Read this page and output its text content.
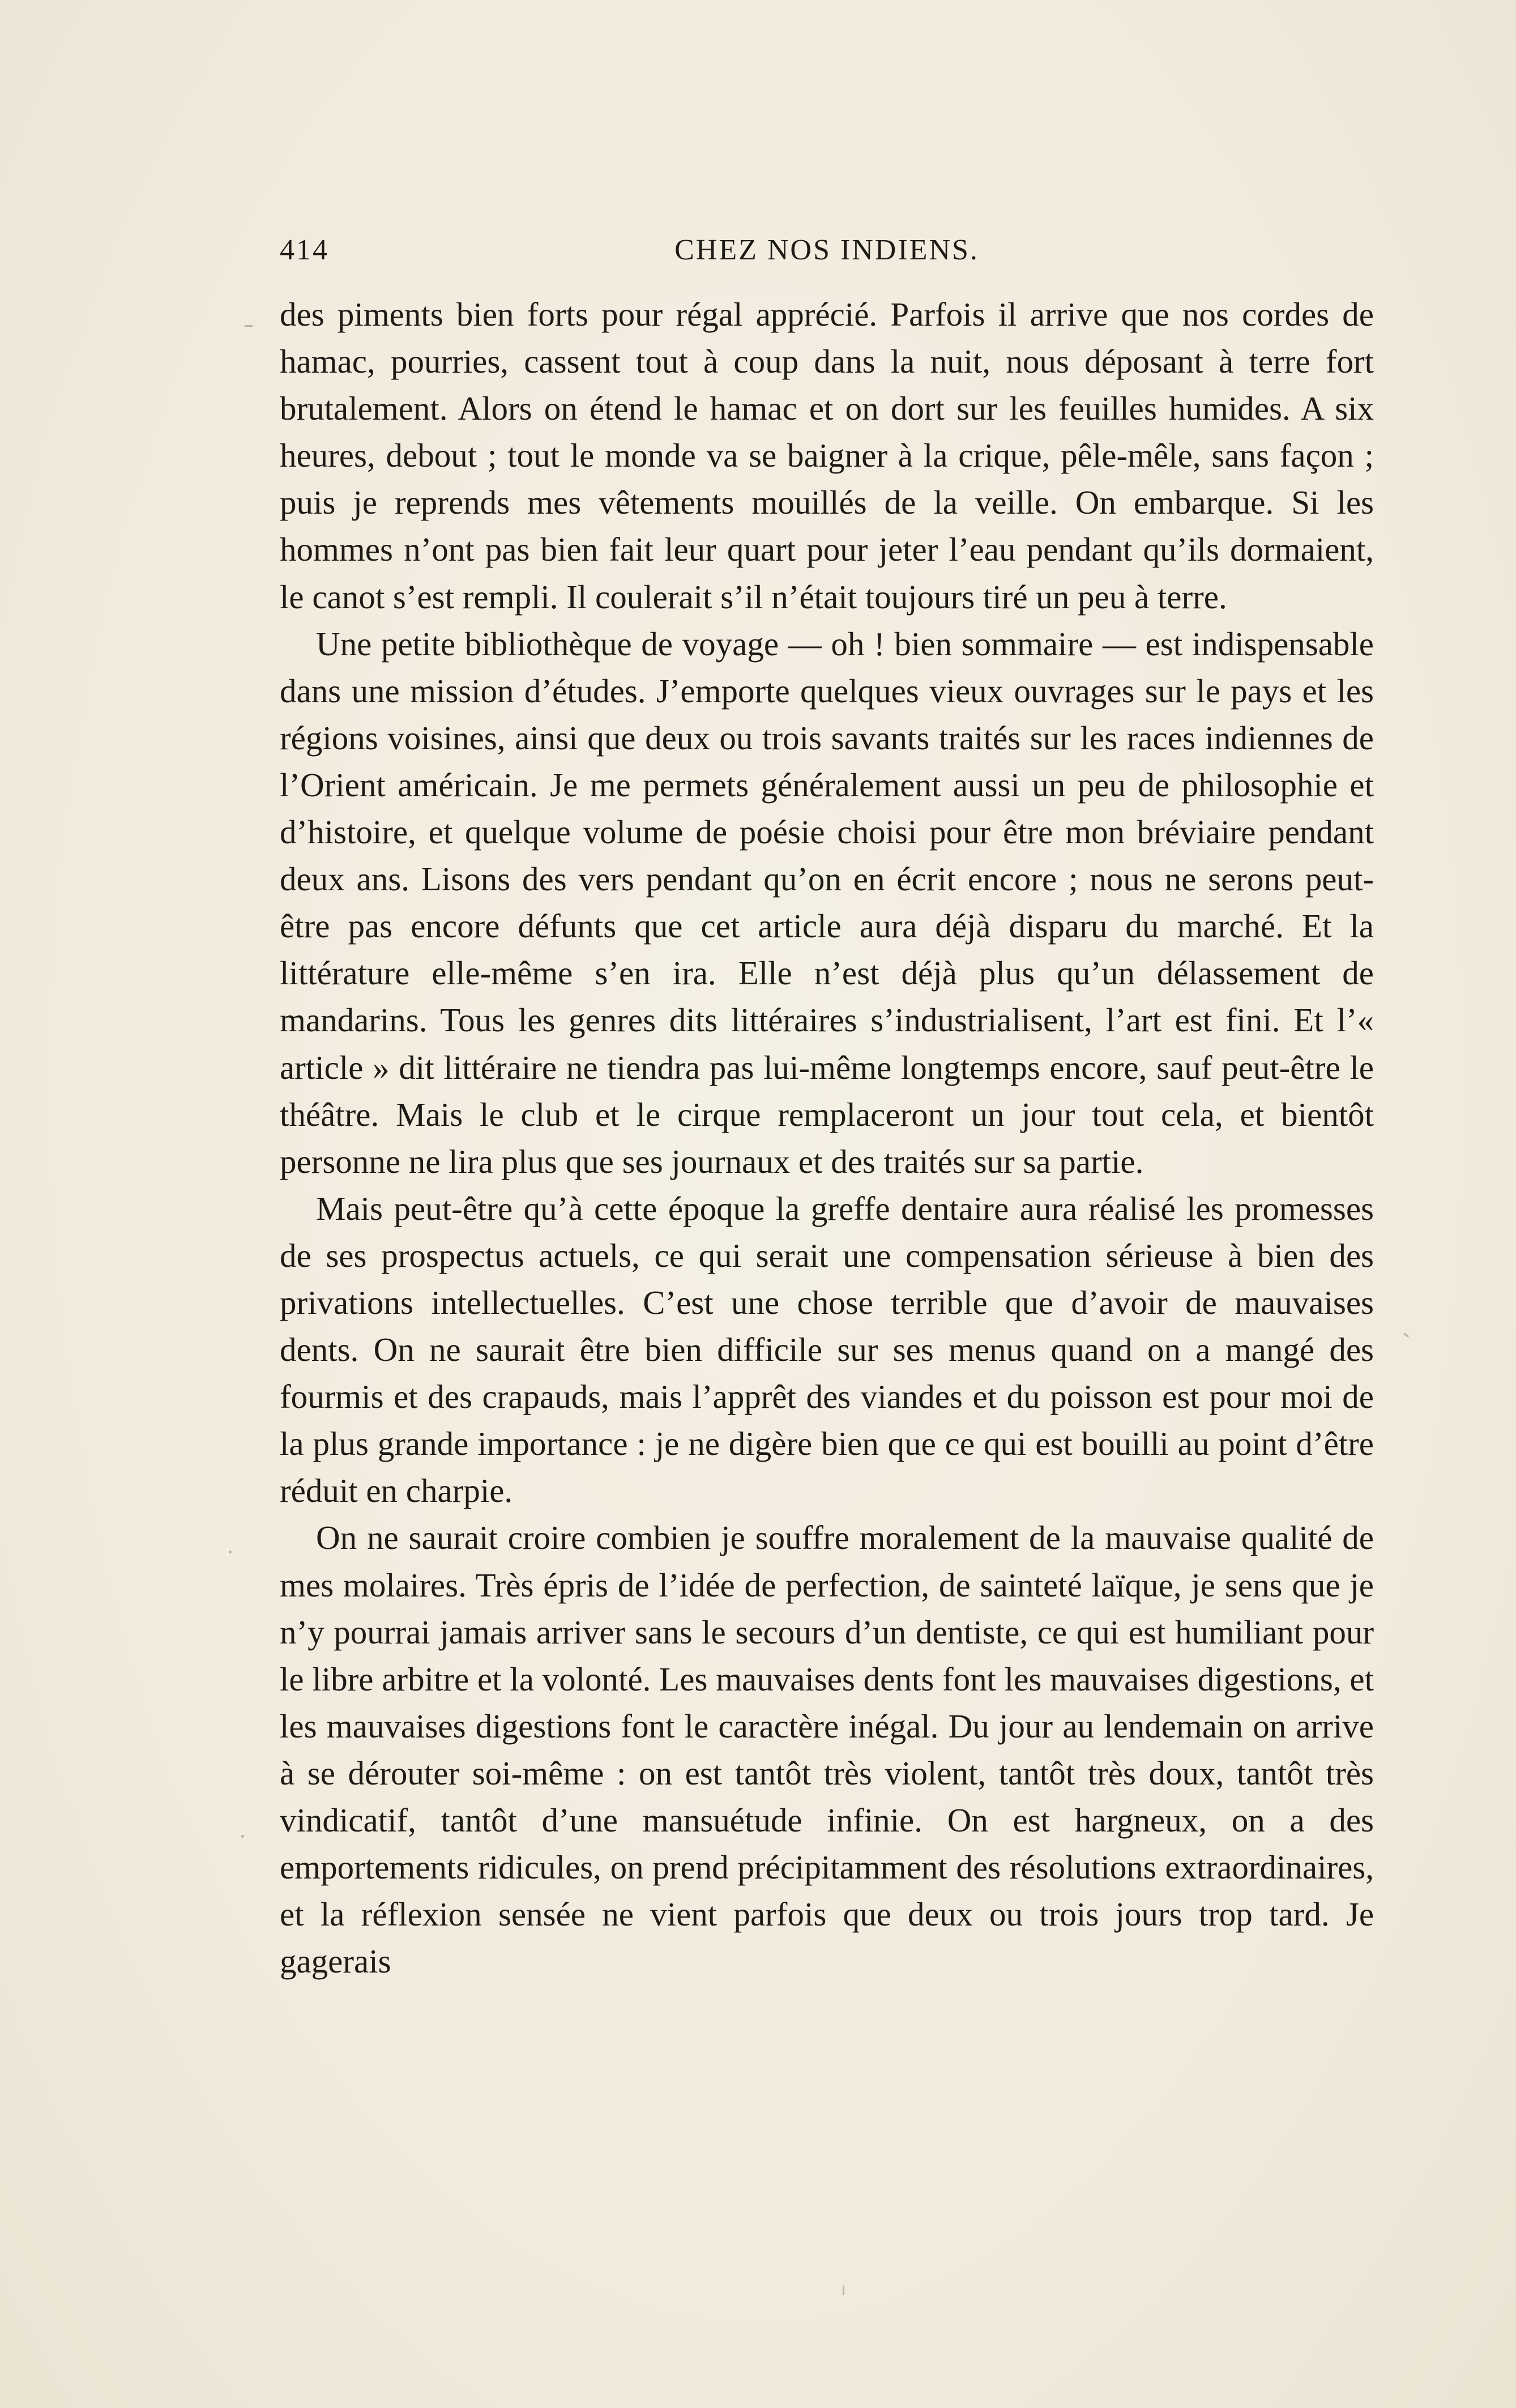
414	CHEZ NOS INDIENS.

des piments bien forts pour régal apprécié. Parfois il arrive que nos cordes de hamac, pourries, cassent tout à coup dans la nuit, nous déposant à terre fort brutalement. Alors on étend le hamac et on dort sur les feuilles humides. A six heures, debout ; tout le monde va se baigner à la crique, pêle-mêle, sans façon ; puis je reprends mes vêtements mouillés de la veille. On embarque. Si les hommes n’ont pas bien fait leur quart pour jeter l’eau pendant qu’ils dormaient, le canot s’est rempli. Il coulerait s’il n’était toujours tiré un peu à terre.

Une petite bibliothèque de voyage — oh ! bien sommaire — est indispensable dans une mission d’études. J’emporte quelques vieux ouvrages sur le pays et les régions voisines, ainsi que deux ou trois savants traités sur les races indiennes de l’Orient américain. Je me permets généralement aussi un peu de philosophie et d’histoire, et quelque volume de poésie choisi pour être mon bréviaire pendant deux ans. Lisons des vers pendant qu’on en écrit encore ; nous ne serons peut-être pas encore défunts que cet article aura déjà disparu du marché. Et la littérature elle-même s’en ira. Elle n’est déjà plus qu’un délassement de mandarins. Tous les genres dits littéraires s’industrialisent, l’art est fini. Et l’« article » dit littéraire ne tiendra pas lui-même longtemps encore, sauf peut-être le théâtre. Mais le club et le cirque remplaceront un jour tout cela, et bientôt personne ne lira plus que ses journaux et des traités sur sa partie.

Mais peut-être qu’à cette époque la greffe dentaire aura réalisé les promesses de ses prospectus actuels, ce qui serait une compensation sérieuse à bien des privations intellectuelles. C’est une chose terrible que d’avoir de mauvaises dents. On ne saurait être bien difficile sur ses menus quand on a mangé des fourmis et des crapauds, mais l’apprêt des viandes et du poisson est pour moi de la plus grande importance : je ne digère bien que ce qui est bouilli au point d’être réduit en charpie.

On ne saurait croire combien je souffre moralement de la mauvaise qualité de mes molaires. Très épris de l’idée de perfection, de sainteté laïque, je sens que je n’y pourrai jamais arriver sans le secours d’un dentiste, ce qui est humiliant pour le libre arbitre et la volonté. Les mauvaises dents font les mauvaises digestions, et les mauvaises digestions font le caractère inégal. Du jour au lendemain on arrive à se dérouter soi-même : on est tantôt très violent, tantôt très doux, tantôt très vindicatif, tantôt d’une mansuétude infinie. On est hargneux, on a des emportements ridicules, on prend précipitamment des résolutions extraordinaires, et la réflexion sensée ne vient parfois que deux ou trois jours trop tard. Je gagerais
